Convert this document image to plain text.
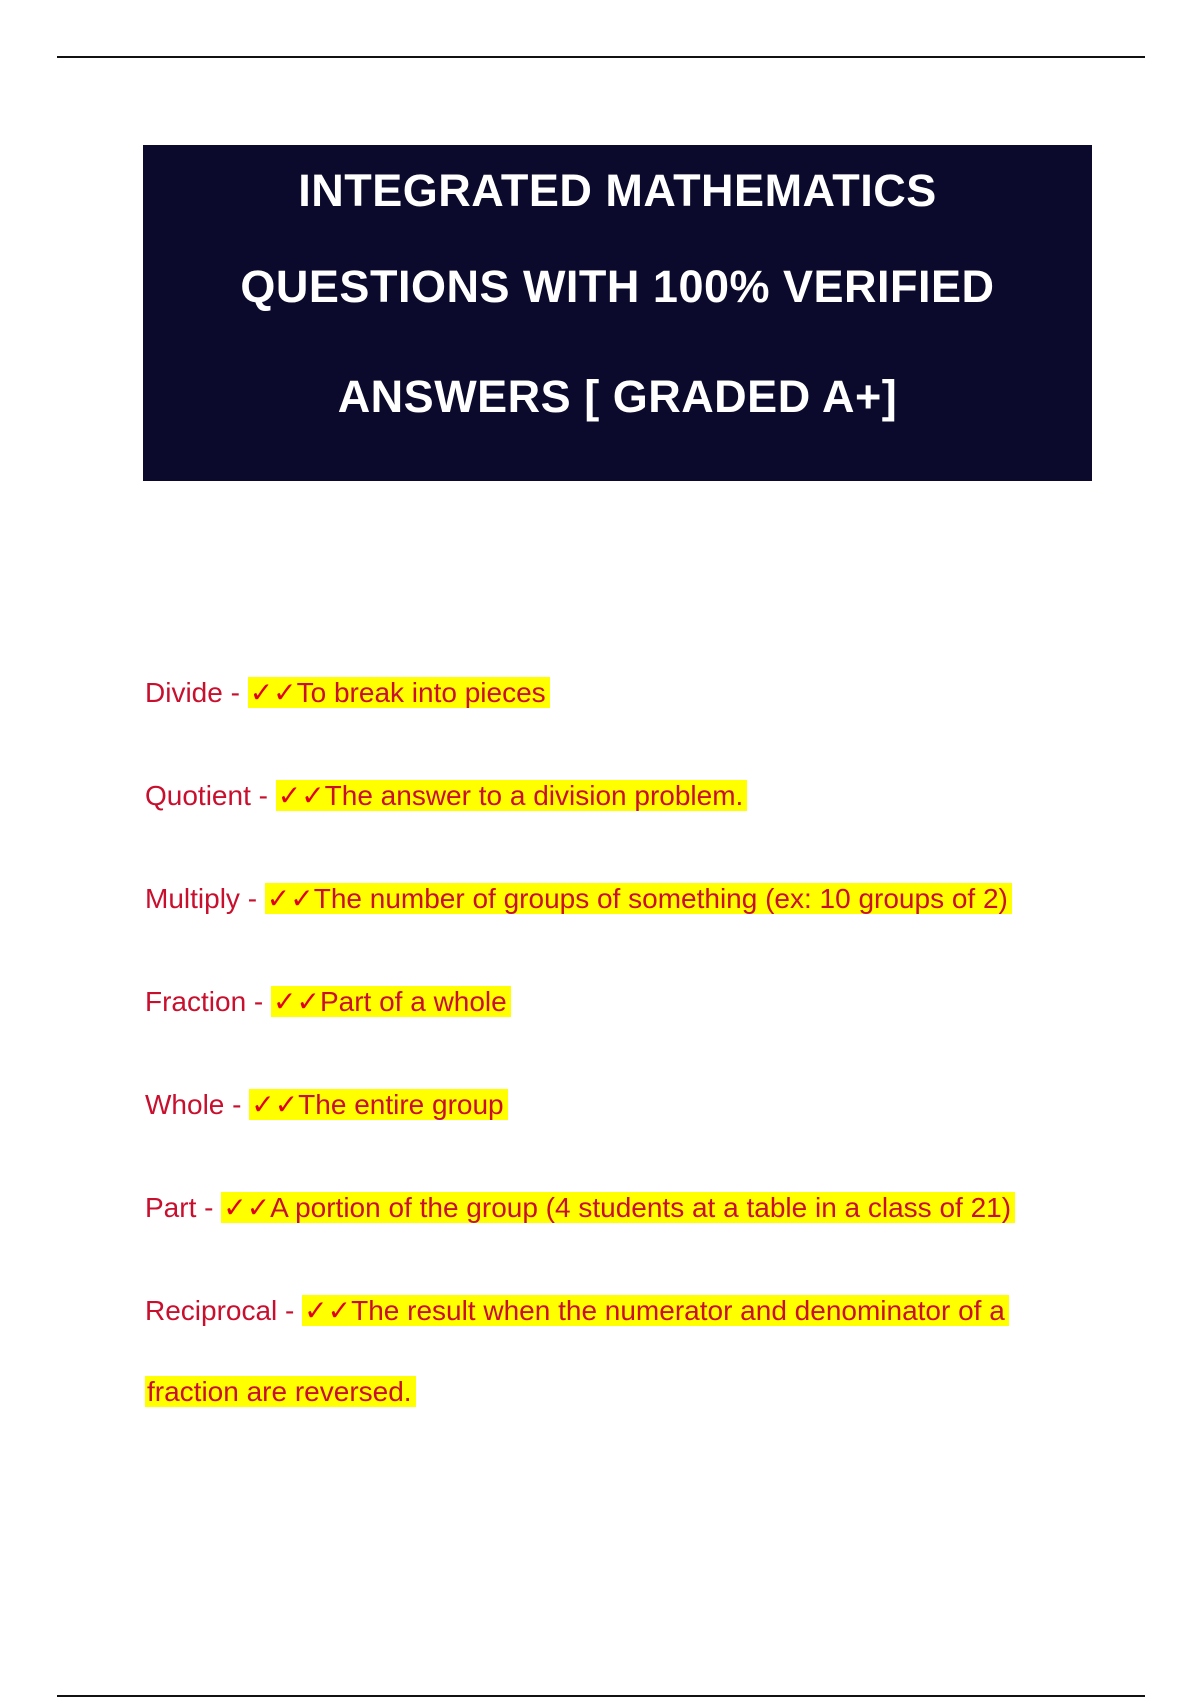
INTEGRATED MATHEMATICS
QUESTIONS WITH 100% VERIFIED
ANSWERS [ GRADED A+]
Divide - ✓✓To break into pieces
Quotient - ✓✓The answer to a division problem.
Multiply - ✓✓The number of groups of something (ex: 10 groups of 2)
Fraction - ✓✓Part of a whole
Whole - ✓✓The entire group
Part - ✓✓A portion of the group (4 students at a table in a class of 21)
Reciprocal - ✓✓The result when the numerator and denominator of a
fraction are reversed.
